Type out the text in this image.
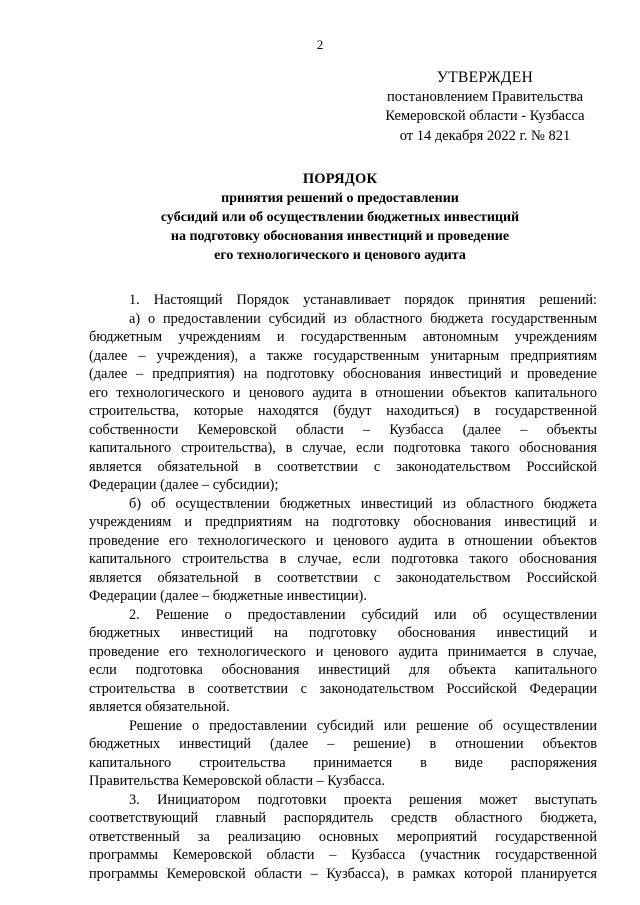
2
УТВЕРЖДЕН
постановлением Правительства
Кемеровской области - Кузбасса
от 14 декабря 2022 г. № 821
ПОРЯДОК
принятия решений о предоставлении
субсидий или об осуществлении бюджетных инвестиций
на подготовку обоснования инвестиций и проведение
его технологического и ценового аудита
1. Настоящий Порядок устанавливает порядок принятия решений:
а) о предоставлении субсидий из областного бюджета государственным
бюджетным учреждениям и государственным автономным учреждениям
(далее – учреждения), а также государственным унитарным предприятиям
(далее – предприятия) на подготовку обоснования инвестиций и проведение
его технологического и ценового аудита в отношении объектов капитального
строительства, которые находятся (будут находиться) в государственной
собственности Кемеровской области – Кузбасса (далее – объекты
капитального строительства), в случае, если подготовка такого обоснования
является обязательной в соответствии с законодательством Российской
Федерации (далее – субсидии);
б) об осуществлении бюджетных инвестиций из областного бюджета
учреждениям и предприятиям на подготовку обоснования инвестиций и
проведение его технологического и ценового аудита в отношении объектов
капитального строительства в случае, если подготовка такого обоснования
является обязательной в соответствии с законодательством Российской
Федерации (далее – бюджетные инвестиции).
2. Решение о предоставлении субсидий или об осуществлении
бюджетных инвестиций на подготовку обоснования инвестиций и
проведение его технологического и ценового аудита принимается в случае,
если подготовка обоснования инвестиций для объекта капитального
строительства в соответствии с законодательством Российской Федерации
является обязательной.
Решение о предоставлении субсидий или решение об осуществлении
бюджетных инвестиций (далее – решение) в отношении объектов
капитального строительства принимается в виде распоряжения
Правительства Кемеровской области – Кузбасса.
3. Инициатором подготовки проекта решения может выступать
соответствующий главный распорядитель средств областного бюджета,
ответственный за реализацию основных мероприятий государственной
программы Кемеровской области – Кузбасса (участник государственной
программы Кемеровской области – Кузбасса), в рамках которой планируется
